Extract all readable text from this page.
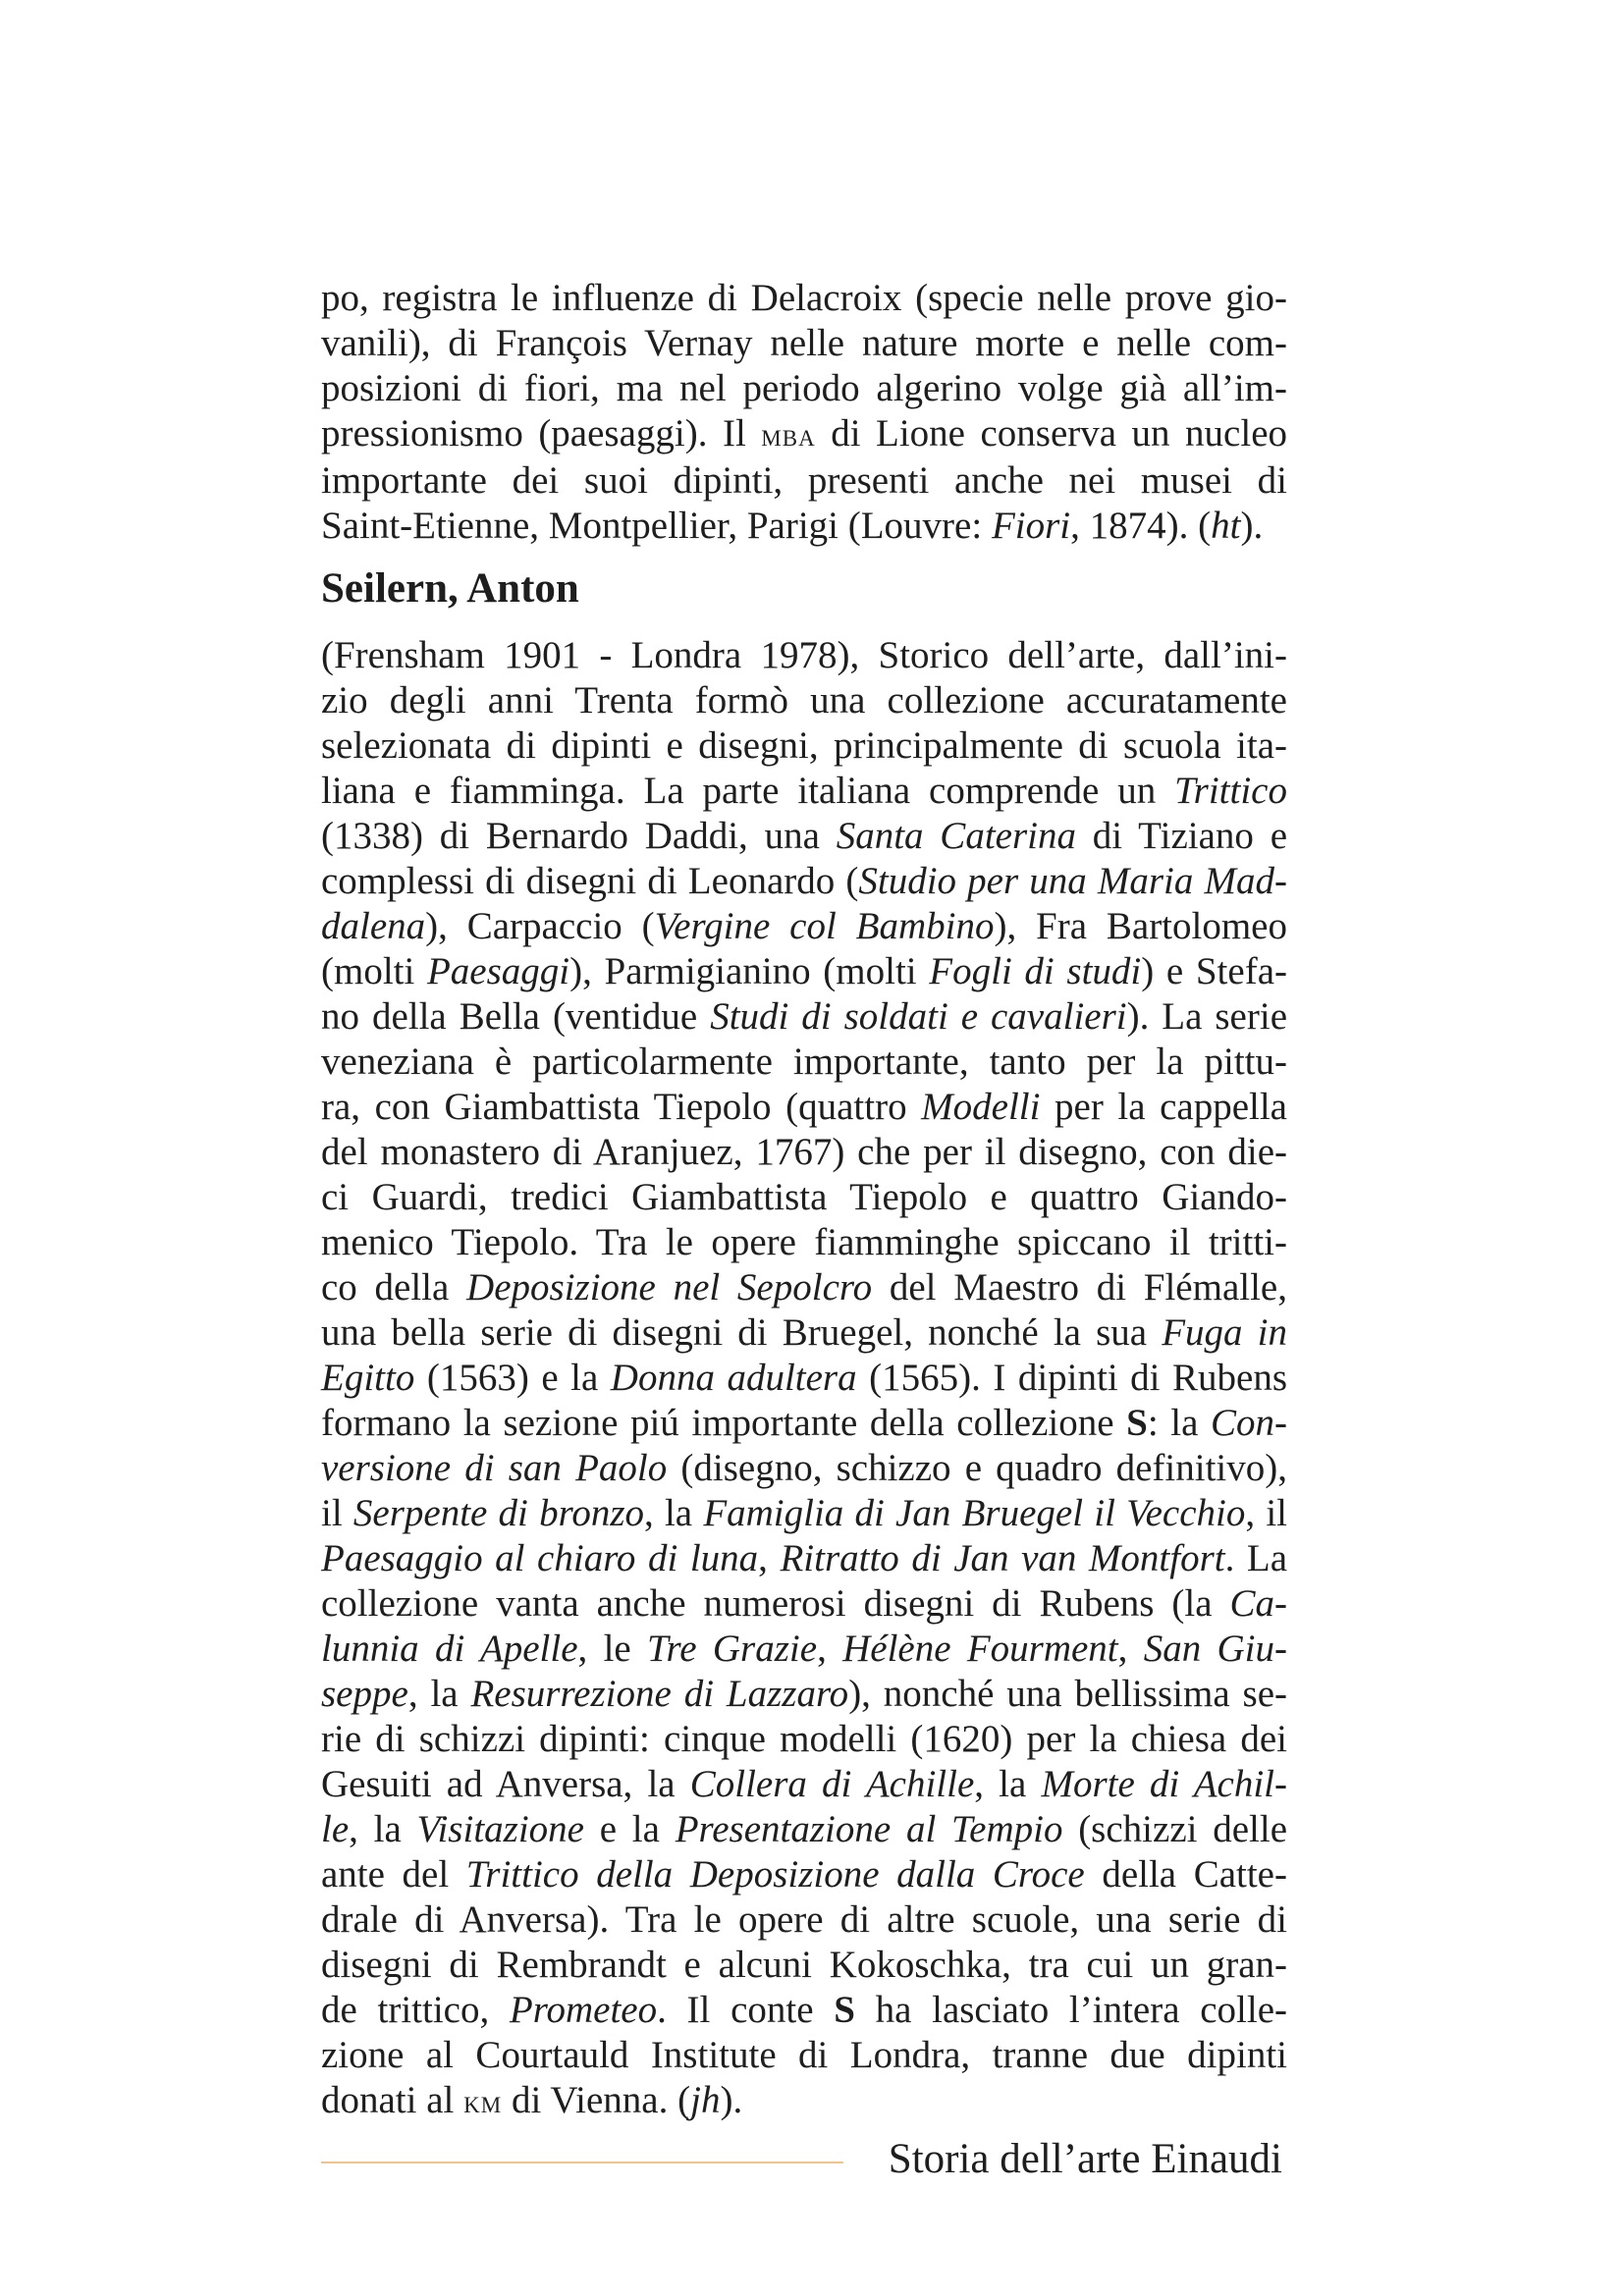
po, registra le influenze di Delacroix (specie nelle prove gio-
vanili), di François Vernay nelle nature morte e nelle com-
posizioni di fiori, ma nel periodo algerino volge già all’im-
pressionismo (paesaggi). Il mba di Lione conserva un nucleo
importante dei suoi dipinti, presenti anche nei musei di
Saint-Etienne, Montpellier, Parigi (Louvre: Fiori, 1874). (ht).
Seilern, Anton
(Frensham 1901 - Londra 1978), Storico dell’arte, dall’ini-
zio degli anni Trenta formò una collezione accuratamente
selezionata di dipinti e disegni, principalmente di scuola ita-
liana e fiamminga. La parte italiana comprende un Trittico
(1338) di Bernardo Daddi, una Santa Caterina di Tiziano e
complessi di disegni di Leonardo (Studio per una Maria Mad-
dalena), Carpaccio (Vergine col Bambino), Fra Bartolomeo
(molti Paesaggi), Parmigianino (molti Fogli di studi) e Stefa-
no della Bella (ventidue Studi di soldati e cavalieri). La serie
veneziana è particolarmente importante, tanto per la pittu-
ra, con Giambattista Tiepolo (quattro Modelli per la cappella
del monastero di Aranjuez, 1767) che per il disegno, con die-
ci Guardi, tredici Giambattista Tiepolo e quattro Giando-
menico Tiepolo. Tra le opere fiamminghe spiccano il tritti-
co della Deposizione nel Sepolcro del Maestro di Flémalle,
una bella serie di disegni di Bruegel, nonché la sua Fuga in
Egitto (1563) e la Donna adultera (1565). I dipinti di Rubens
formano la sezione piú importante della collezione S: la Con-
versione di san Paolo (disegno, schizzo e quadro definitivo),
il Serpente di bronzo, la Famiglia di Jan Bruegel il Vecchio, il
Paesaggio al chiaro di luna, Ritratto di Jan van Montfort. La
collezione vanta anche numerosi disegni di Rubens (la Ca-
lunnia di Apelle, le Tre Grazie, Hélène Fourment, San Giu-
seppe, la Resurrezione di Lazzaro), nonché una bellissima se-
rie di schizzi dipinti: cinque modelli (1620) per la chiesa dei
Gesuiti ad Anversa, la Collera di Achille, la Morte di Achil-
le, la Visitazione e la Presentazione al Tempio (schizzi delle
ante del Trittico della Deposizione dalla Croce della Catte-
drale di Anversa). Tra le opere di altre scuole, una serie di
disegni di Rembrandt e alcuni Kokoschka, tra cui un gran-
de trittico, Prometeo. Il conte S ha lasciato l’intera colle-
zione al Courtauld Institute di Londra, tranne due dipinti
donati al km di Vienna. (jh).
Storia dell’arte Einaudi
